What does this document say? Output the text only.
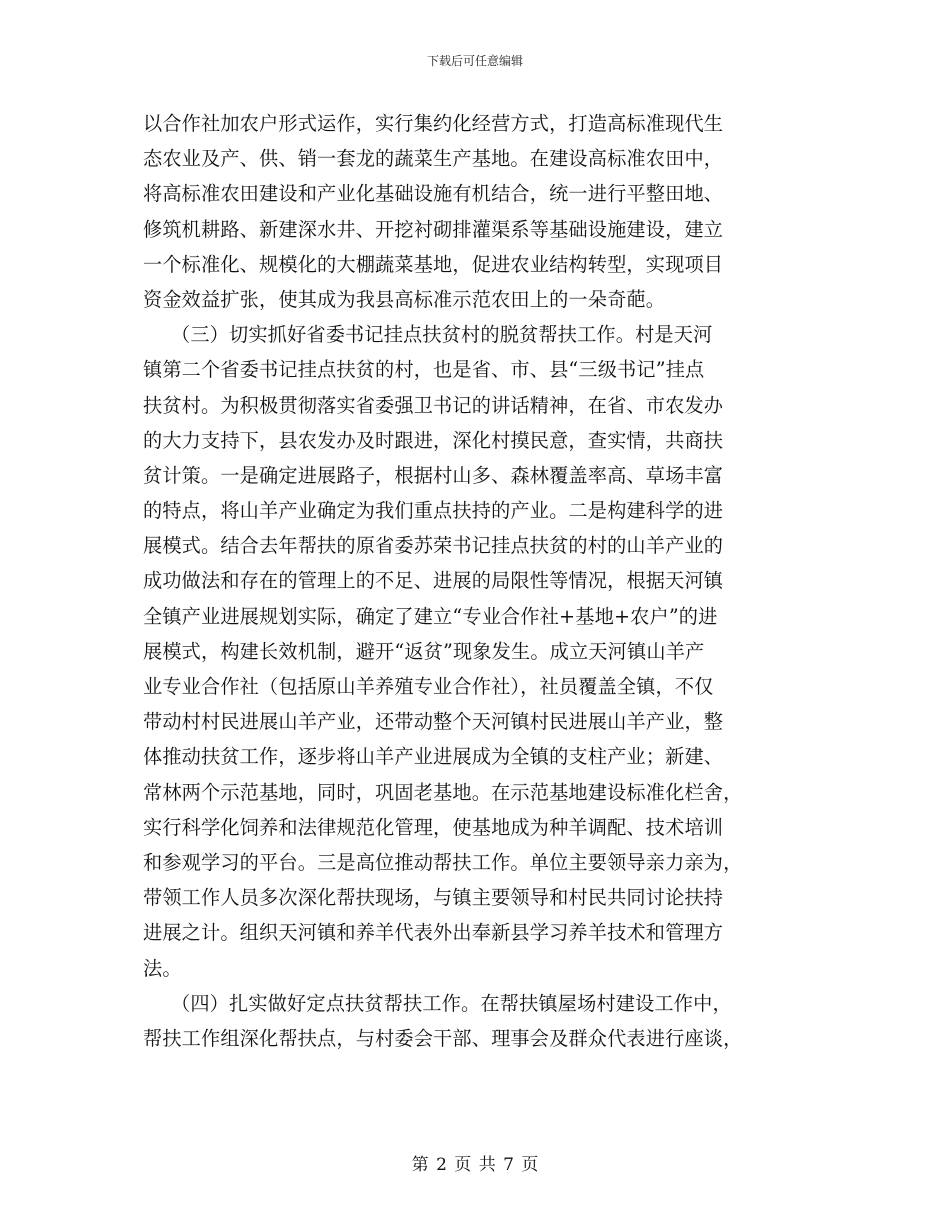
下载后可任意编辑
以合作社加农户形式运作，实行集约化经营方式，打造高标准现代生
态农业及产、供、销一套龙的蔬菜生产基地。在建设高标准农田中，
将高标准农田建设和产业化基础设施有机结合，统一进行平整田地、
修筑机耕路、新建深水井、开挖衬砌排灌渠系等基础设施建设，建立
一个标准化、规模化的大棚蔬菜基地，促进农业结构转型，实现项目
资金效益扩张，使其成为我县高标准示范农田上的一朵奇葩。
（三）切实抓好省委书记挂点扶贫村的脱贫帮扶工作。村是天河
镇第二个省委书记挂点扶贫的村，也是省、市、县“三级书记”挂点
扶贫村。为积极贯彻落实省委强卫书记的讲话精神，在省、市农发办
的大力支持下，县农发办及时跟进，深化村摸民意，查实情，共商扶
贫计策。一是确定进展路子，根据村山多、森林覆盖率高、草场丰富
的特点，将山羊产业确定为我们重点扶持的产业。二是构建科学的进
展模式。结合去年帮扶的原省委苏荣书记挂点扶贫的村的山羊产业的
成功做法和存在的管理上的不足、进展的局限性等情况，根据天河镇
全镇产业进展规划实际，确定了建立“专业合作社+基地+农户”的进
展模式，构建长效机制，避开“返贫”现象发生。成立天河镇山羊产
业专业合作社（包括原山羊养殖专业合作社），社员覆盖全镇，不仅
带动村村民进展山羊产业，还带动整个天河镇村民进展山羊产业，整
体推动扶贫工作，逐步将山羊产业进展成为全镇的支柱产业；新建、
常林两个示范基地，同时，巩固老基地。在示范基地建设标准化栏舍，
实行科学化饲养和法律规范化管理，使基地成为种羊调配、技术培训
和参观学习的平台。三是高位推动帮扶工作。单位主要领导亲力亲为，
带领工作人员多次深化帮扶现场，与镇主要领导和村民共同讨论扶持
进展之计。组织天河镇和养羊代表外出奉新县学习养羊技术和管理方
法。
（四）扎实做好定点扶贫帮扶工作。在帮扶镇屋场村建设工作中，
帮扶工作组深化帮扶点，与村委会干部、理事会及群众代表进行座谈，
第 2 页 共 7 页
